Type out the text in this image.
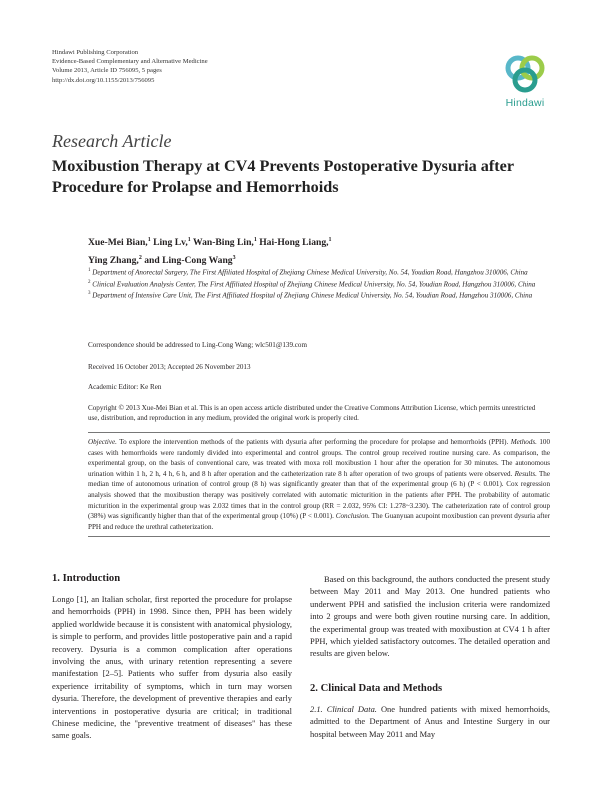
Hindawi Publishing Corporation
Evidence-Based Complementary and Alternative Medicine
Volume 2013, Article ID 756095, 5 pages
http://dx.doi.org/10.1155/2013/756095
Hindawi
Research Article
Moxibustion Therapy at CV4 Prevents Postoperative Dysuria after Procedure for Prolapse and Hemorrhoids
Xue-Mei Bian,$^1$ Ling Lv,$^1$ Wan-Bing Lin,$^1$ Hai-Hong Liang,$^1$
Ying Zhang,$^2$ and Ling-Cong Wang$^3$
$^1$ Department of Anorectal Surgery, The First Affiliated Hospital of Zhejiang Chinese Medical University, No. 54, Youdian Road, Hangzhou 310006, China
$^2$ Clinical Evaluation Analysis Center, The First Affiliated Hospital of Zhejiang Chinese Medical University, No. 54, Youdian Road, Hangzhou 310006, China
$^3$ Department of Intensive Care Unit, The First Affiliated Hospital of Zhejiang Chinese Medical University, No. 54, Youdian Road, Hangzhou 310006, China
Correspondence should be addressed to Ling-Cong Wang; wlc501@139.com
Received 16 October 2013; Accepted 26 November 2013
Academic Editor: Ke Ren
Copyright © 2013 Xue-Mei Bian et al. This is an open access article distributed under the Creative Commons Attribution License, which permits unrestricted use, distribution, and reproduction in any medium, provided the original work is properly cited.
Objective. To explore the intervention methods of the patients with dysuria after performing the procedure for prolapse and hemorrhoids (PPH). Methods. 100 cases with hemorrhoids were randomly divided into experimental and control groups. The control group received routine nursing care. As comparison, the experimental group, on the basis of conventional care, was treated with moxa roll moxibustion 1 hour after the operation for 30 minutes. The autonomous urination within 1 h, 2 h, 4 h, 6 h, and 8 h after operation and the catheterization rate 8 h after operation of two groups of patients were observed. Results. The median time of autonomous urination of control group (8 h) was significantly greater than that of the experimental group (6 h) (P < 0.001). Cox regression analysis showed that the moxibustion therapy was positively correlated with automatic micturition in the patients after PPH. The probability of automatic micturition in the experimental group was 2.032 times that in the control group (RR = 2.032, 95% CI: 1.278~3.230). The catheterization rate of control group (38%) was significantly higher than that of the experimental group (10%) (P < 0.001). Conclusion. The Guanyuan acupoint moxibustion can prevent dysuria after PPH and reduce the urethral catheterization.
1. Introduction

Longo [1], an Italian scholar, first reported the procedure for prolapse and hemorrhoids (PPH) in 1998. Since then, PPH has been widely applied worldwide because it is consistent with anatomical physiology, is simple to perform, and provides little postoperative pain and a rapid recovery. Dysuria is a common complication after operations involving the anus, with urinary retention representing a severe manifestation [2–5]. Patients who suffer from dysuria also easily experience irritability of symptoms, which in turn may worsen dysuria. Therefore, the development of preventive therapies and early interventions in postoperative dysuria are critical; in traditional Chinese medicine, the "preventive treatment of diseases" has these same goals.

Based on this background, the authors conducted the present study between May 2011 and May 2013. One hundred patients who underwent PPH and satisfied the inclusion criteria were randomized into 2 groups and were both given routine nursing care. In addition, the experimental group was treated with moxibustion at CV4 1 h after PPH, which yielded satisfactory outcomes. The detailed operation and results are given below.

2. Clinical Data and Methods

2.1. Clinical Data. One hundred patients with mixed hemorrhoids, admitted to the Department of Anus and Intestine Surgery in our hospital between May 2011 and May
